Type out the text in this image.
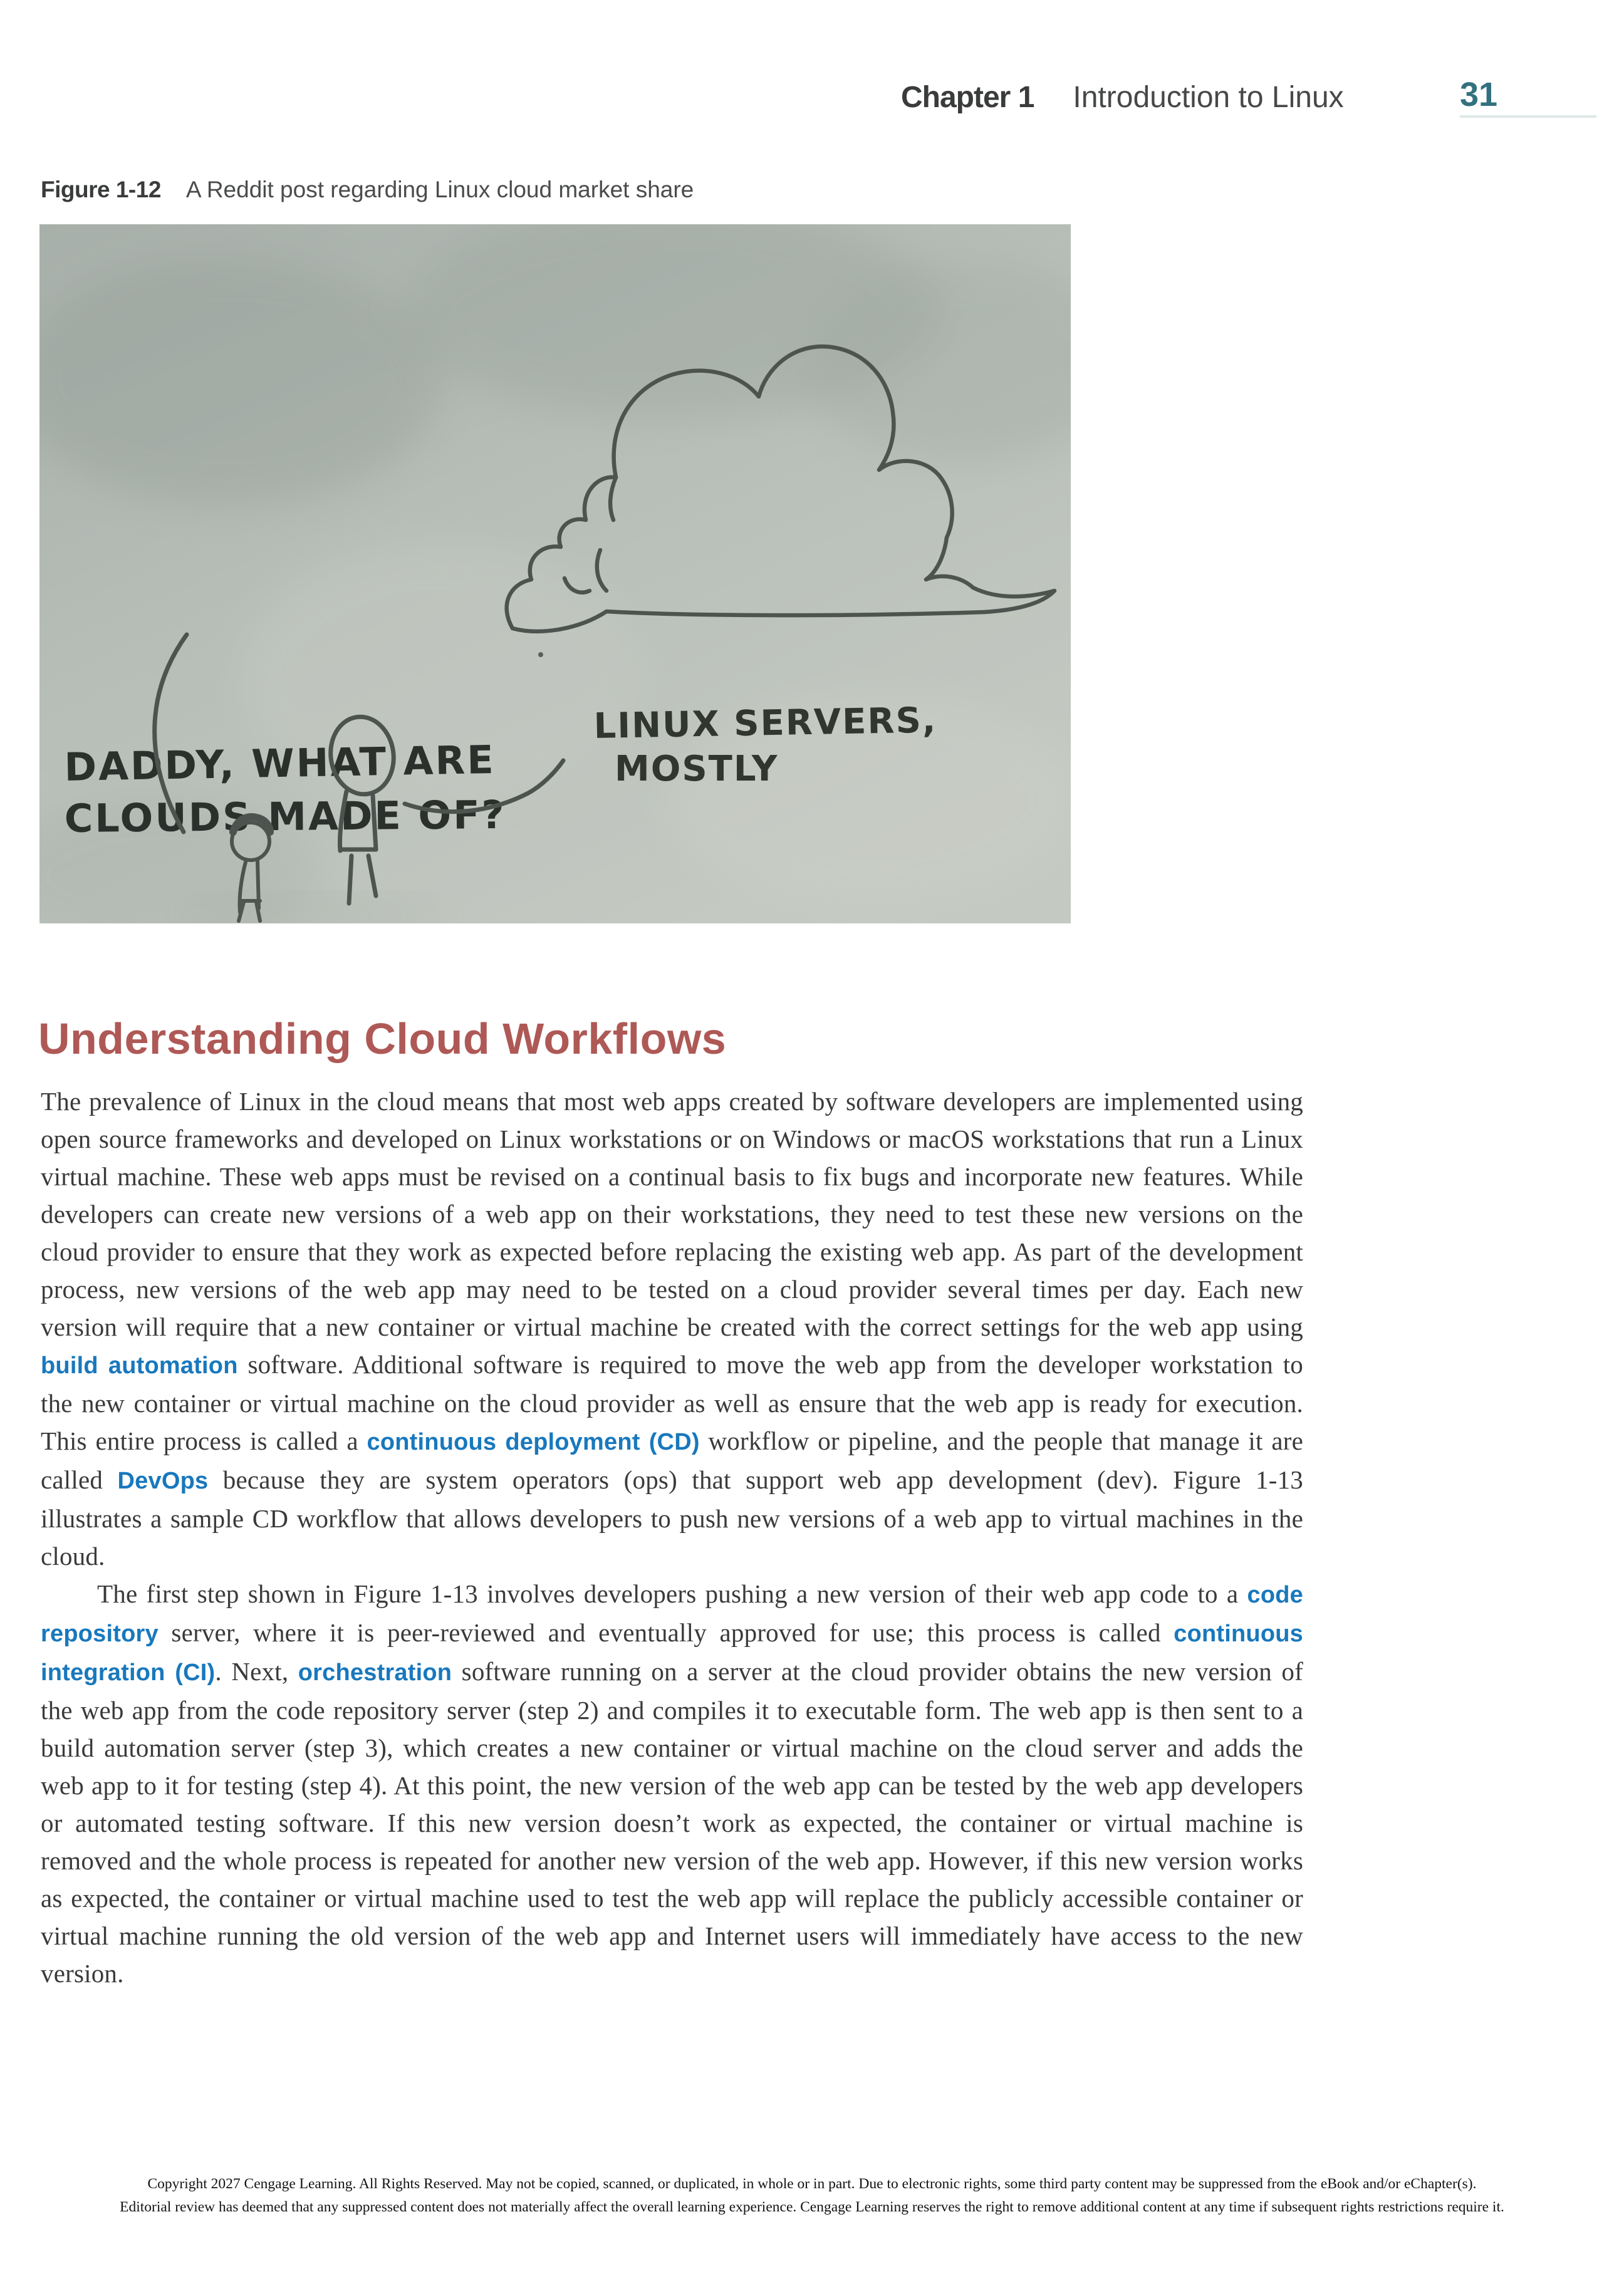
Chapter 1 Introduction to Linux	31
Figure 1-12 A Reddit post regarding Linux cloud market share
DADDY, WHAT ARE
CLOUDS MADE OF?
LINUX SERVERS,
MOSTLY
Understanding Cloud Workflows

The prevalence of Linux in the cloud means that most web apps created by software developers are implemented using open source frameworks and developed on Linux workstations or on Windows or macOS workstations that run a Linux virtual machine. These web apps must be revised on a continual basis to fix bugs and incorporate new features. While developers can create new versions of a web app on their workstations, they need to test these new versions on the cloud provider to ensure that they work as expected before replacing the existing web app. As part of the development process, new versions of the web app may need to be tested on a cloud provider several times per day. Each new version will require that a new container or virtual machine be created with the correct settings for the web app using build automation software. Additional software is required to move the web app from the developer workstation to the new container or virtual machine on the cloud provider as well as ensure that the web app is ready for execution. This entire process is called a continuous deployment (CD) workflow or pipeline, and the people that manage it are called DevOps because they are system operators (ops) that support web app development (dev). Figure 1-13 illustrates a sample CD workflow that allows developers to push new versions of a web app to virtual machines in the cloud.

The first step shown in Figure 1-13 involves developers pushing a new version of their web app code to a code repository server, where it is peer-reviewed and eventually approved for use; this process is called continuous integration (CI). Next, orchestration software running on a server at the cloud provider obtains the new version of the web app from the code repository server (step 2) and compiles it to executable form. The web app is then sent to a build automation server (step 3), which creates a new container or virtual machine on the cloud server and adds the web app to it for testing (step 4). At this point, the new version of the web app can be tested by the web app developers or automated testing software. If this new version doesn’t work as expected, the container or virtual machine is removed and the whole process is repeated for another new version of the web app. However, if this new version works as expected, the container or virtual machine used to test the web app will replace the publicly accessible container or virtual machine running the old version of the web app and Internet users will immediately have access to the new version.

Copyright 2027 Cengage Learning. All Rights Reserved. May not be copied, scanned, or duplicated, in whole or in part. Due to electronic rights, some third party content may be suppressed from the eBook and/or eChapter(s).
Editorial review has deemed that any suppressed content does not materially affect the overall learning experience. Cengage Learning reserves the right to remove additional content at any time if subsequent rights restrictions require it.
